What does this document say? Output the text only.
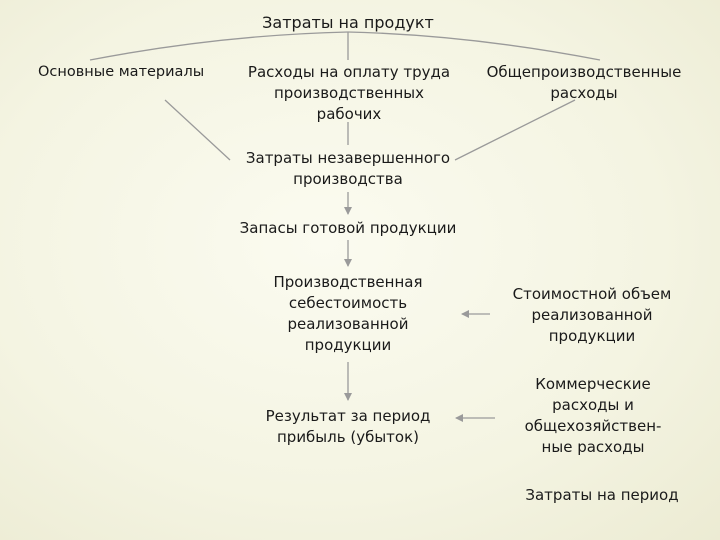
Затраты на продукт
Основные материалы	Расходы на оплату труда
производственных
рабочих
Общепроизводственные
расходы
Затраты незавершенного
производства
Запасы готовой продукции
Производственная
себестоимость
реализованной
продукции
Стоимостной объем
реализованной
продукции
Результат за период
прибыль (убыток)
Коммерческие
расходы и
общехозяйствен-
ные расходы
Затраты на период
